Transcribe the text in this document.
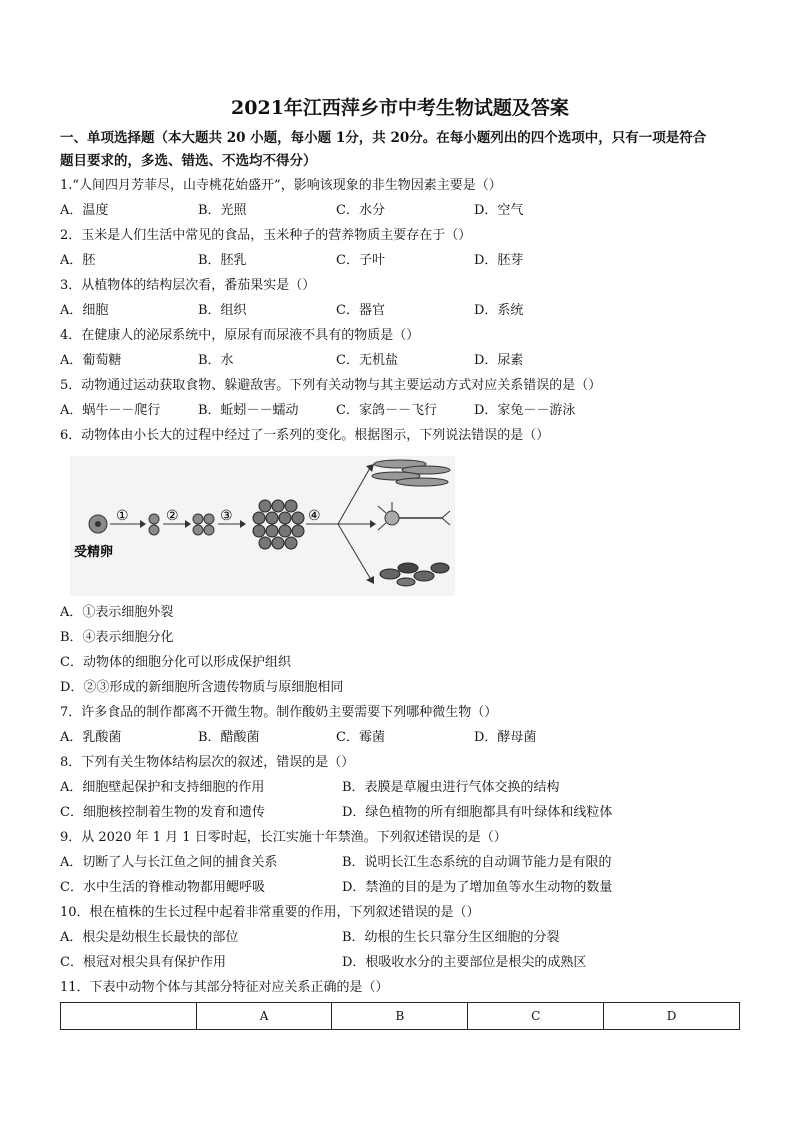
2021年江西萍乡市中考生物试题及答案
一、单项选择题（本大题共 20 小题，每小题 1分，共 20分。在每小题列出的四个选项中，只有一项是符合
题目要求的，多选、错选、不选均不得分）
1.“人间四月芳菲尽，山寺桃花始盛开”，影响该现象的非生物因素主要是（）
A．温度	B．光照	C．水分	D．空气
2．玉米是人们生活中常见的食品，玉米种子的营养物质主要存在于（）
A．胚	B．胚乳	C．子叶	D．胚芽
3．从植物体的结构层次看，番茄果实是（）
A．细胞	B．组织	C．器官	D．系统
4．在健康人的泌尿系统中，原尿有而尿液不具有的物质是（）
A．葡萄糖	B．水	C．无机盐	D．尿素
5．动物通过运动获取食物、躲避敌害。下列有关动物与其主要运动方式对应关系错误的是（）
A．蜗牛－－爬行	B．蚯蚓－－蠕动	C．家鸽－－飞行	D．家兔－－游泳
6．动物体由小长大的过程中经过了一系列的变化。根据图示，下列说法错误的是（）
受精卵
①	②	③	④
A．①表示细胞外裂
B．④表示细胞分化
C．动物体的细胞分化可以形成保护组织
D．②③形成的新细胞所含遗传物质与原细胞相同
7．许多食品的制作都离不开微生物。制作酸奶主要需要下列哪种微生物（）
A．乳酸菌	B．醋酸菌	C．霉菌	D．酵母菌
8．下列有关生物体结构层次的叙述，错误的是（）
A．细胞壁起保护和支持细胞的作用	B．表膜是草履虫进行气体交换的结构
C．细胞核控制着生物的发育和遗传	D．绿色植物的所有细胞都具有叶绿体和线粒体
9．从 2020 年 1 月 1 日零时起，长江实施十年禁渔。下列叙述错误的是（）
A．切断了人与长江鱼之间的捕食关系	B．说明长江生态系统的自动调节能力是有限的
C．水中生活的脊椎动物都用鳃呼吸	D．禁渔的目的是为了增加鱼等水生动物的数量
10．根在植株的生长过程中起着非常重要的作用，下列叙述错误的是（）
A．根尖是幼根生长最快的部位	B．幼根的生长只靠分生区细胞的分裂
C．根冠对根尖具有保护作用	D．根吸收水分的主要部位是根尖的成熟区
11．下表中动物个体与其部分特征对应关系正确的是（）
	A	B	C	D
